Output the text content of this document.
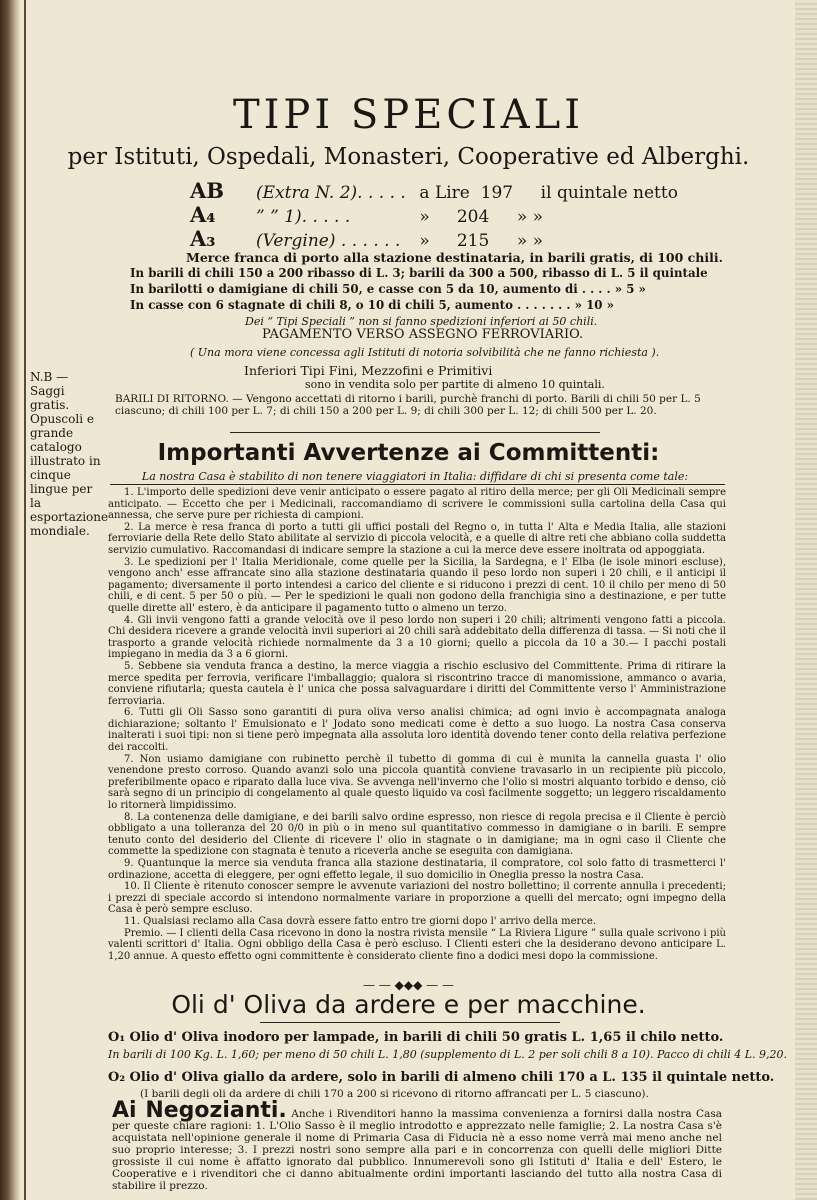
TIPI SPECIALI
per Istituti, Ospedali, Monasteri, Cooperative ed Alberghi.
AB (Extra N. 2). . . . . a Lire 197 il quintale netto
A₄ ” ” 1). . . . .	» 204 » »
A₃ (Vergine) . . . . . . » 215 » »
Merce franca di porto alla stazione destinataria, in barili gratis, di 100 chili.
In barili di chili 150 a 200 ribasso di L. 3; barili da 300 a 500, ribasso di L. 5 il quintale
In barilotti o damigiane di chili 50, e casse con 5 da 10, aumento di . . . . » 5 »
In casse con 6 stagnate di chili 8, o 10 di chili 5, aumento . . . . . . . » 10 »
Dei “ Tipi Speciali ” non si fanno spedizioni inferiori ai 50 chili.
PAGAMENTO VERSO ASSEGNO FERROVIARIO.
( Una mora viene concessa agli Istituti di notoria solvibilità che ne fanno richiesta ).
Inferiori Tipi Fini, Mezzofini e Primitivi
sono in vendita solo per partite di almeno 10 quintali.
N.B — Saggi gratis. Opuscoli e grande catalogo illustrato in cinque lingue per la esportazione mondiale.
BARILI DI RITORNO. — Vengono accettati di ritorno i barili, purchè franchi di porto. Barili di chili 50 per L. 5 ciascuno; di chili 100 per L. 7; di chili 150 a 200 per L. 9; di chili 300 per L. 12; di chili 500 per L. 20.
Importanti Avvertenze ai Committenti:
La nostra Casa è stabilito di non tenere viaggiatori in Italia: diffidare di chi si presenta come tale:

1. L'importo delle spedizioni deve venir anticipato o essere pagato al ritiro della merce; per gli Oli Medicinali sempre anticipato. — Eccetto che per i Medicinali, raccomandiamo di scrivere le commissioni sulla cartolina della Casa qui annessa, che serve pure per richiesta di campioni.

2. La merce è resa franca di porto a tutti gli uffici postali del Regno o, in tutta l' Alta e Media Italia, alle stazioni ferroviarie della Rete dello Stato abilitate al servizio di piccola velocità, e a quelle di altre reti che abbiano colla suddetta servizio cumulativo. Raccomandasi di indicare sempre la stazione a cui la merce deve essere inoltrata od appoggiata.

3. Le spedizioni per l' Italia Meridionale, come quelle per la Sicilia, la Sardegna, e l' Elba (le isole minori escluse), vengono anch' esse affrancate sino alla stazione destinataria quando il peso lordo non superi i 20 chili, e il anticipi il pagamento; diversamente il porto intendesi a carico del cliente e si riducono i prezzi di cent. 10 il chilo per meno di 50 chili, e di cent. 5 per 50 o più. — Per le spedizioni le quali non godono della franchigia sino a destinazione, e per tutte quelle dirette all' estero, è da anticipare il pagamento tutto o almeno un terzo.

4. Gli invii vengono fatti a grande velocità ove il peso lordo non superi i 20 chili; altrimenti vengono fatti a piccola. Chi desidera ricevere a grande velocità invii superiori ai 20 chili sarà addebitato della differenza di tassa. — Si noti che il trasporto a grande velocità richiede normalmente da 3 a 10 giorni; quello a piccola da 10 a 30.— I pacchi postali impiegano in media da 3 a 6 giorni.

5. Sebbene sia venduta franca a destino, la merce viaggia a rischio esclusivo del Committente. Prima di ritirare la merce spedita per ferrovia, verificare l'imballaggio; qualora si riscontrino tracce di manomissione, ammanco o avaria, conviene rifiutarla; questa cautela è l' unica che possa salvaguardare i diritti del Committente verso l' Amministrazione ferroviaria.

6. Tutti gli Oli Sasso sono garantiti di pura oliva verso analisi chimica; ad ogni invio è accompagnata analoga dichiarazione; soltanto l' Emulsionato e l' Jodato sono medicati come è detto a suo luogo. La nostra Casa conserva inalterati i suoi tipi: non si tiene però impegnata alla assoluta loro identità dovendo tener conto della relativa perfezione dei raccolti.

7. Non usiamo damigiane con rubinetto perchè il tubetto di gomma di cui è munita la cannella guasta l' olio venendone presto corroso. Quando avanzi solo una piccola quantità conviene travasarlo in un recipiente più piccolo, preferibilmente opaco e riparato dalla luce viva. Se avvenga nell'inverno che l'olio si mostri alquanto torbido e denso, ciò sarà segno di un principio di congelamento al quale questo liquido va così facilmente soggetto; un leggero riscaldamento lo ritornerà limpidissimo.

8. La contenenza delle damigiane, e dei barili salvo ordine espresso, non riesce di regola precisa e il Cliente è perciò obbligato a una tolleranza del 20 0/0 in più o in meno sul quantitativo commesso in damigiane o in barili. E sempre tenuto conto del desiderio del Cliente di ricevere l' olio in stagnate o in damigiane; ma in ogni caso il Cliente che commette la spedizione con stagnata è tenuto a riceverla anche se eseguita con damigiana.

9. Quantunque la merce sia venduta franca alla stazione destinataria, il compratore, col solo fatto di trasmetterci l' ordinazione, accetta di eleggere, per ogni effetto legale, il suo domicilio in Oneglia presso la nostra Casa.

10. Il Cliente è ritenuto conoscer sempre le avvenute variazioni del nostro bollettino; il corrente annulla i precedenti; i prezzi di speciale accordo si intendono normalmente variare in proporzione a quelli del mercato; ogni impegno della Casa è però sempre escluso.

11. Qualsiasi reclamo alla Casa dovrà essere fatto entro tre giorni dopo l' arrivo della merce.

Premio. — I clienti della Casa ricevono in dono la nostra rivista mensile “ La Riviera Ligure ” sulla quale scrivono i più valenti scrittori d' Italia. Ogni obbligo della Casa è però escluso. I Clienti esteri che la desiderano devono anticipare L. 1,20 annue. A questo effetto ogni committente è considerato cliente fino a dodici mesi dopo la commissione.

— — ◆◆◆ — —
Oli d' Oliva da ardere e per macchine.
O₁ Olio d' Oliva inodoro per lampade, in barili di chili 50 gratis L. 1,65 il chilo netto.
In barili di 100 Kg. L. 1,60; per meno di 50 chili L. 1,80 (supplemento di L. 2 per soli chili 8 a 10). Pacco di chili 4 L. 9,20.
O₂ Olio d' Oliva giallo da ardere, solo in barili di almeno chili 170 a L. 135 il quintale netto.
(I barili degli oli da ardere di chili 170 a 200 si ricevono di ritorno affrancati per L. 5 ciascuno).
Ai Negozianti. Anche i Rivenditori hanno la massima convenienza a fornirsi dalla nostra Casa per queste chiare ragioni: 1. L'Olio Sasso è il meglio introdotto e apprezzato nelle famiglie; 2. La nostra Casa s'è acquistata nell'opinione generale il nome di Primaria Casa di Fiducia nè a esso nome verrà mai meno anche nel suo proprio interesse; 3. I prezzi nostri sono sempre alla pari e in concorrenza con quelli delle migliori Ditte grossiste il cui nome è affatto ignorato dal pubblico. Innumerevoli sono gli Istituti d' Italia e dell' Estero, le Cooperative e i rivenditori che ci danno abitualmente ordini importanti lasciando del tutto alla nostra Casa di stabilire il prezzo.
